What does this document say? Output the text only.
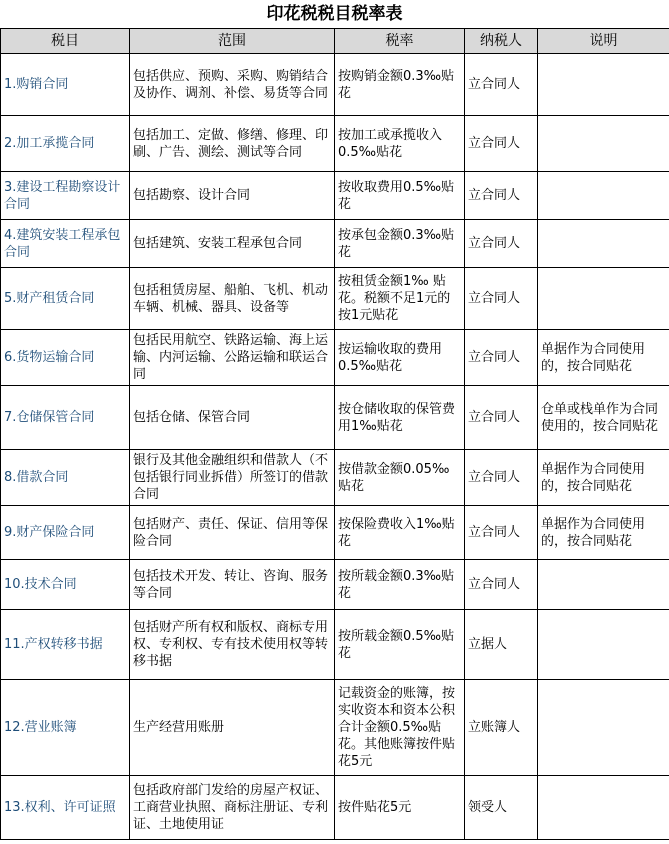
印花税税目税率表
税目	范围	税率	纳税人	说明
1.购销合同	包括供应、预购、采购、购销结合及协作、调剂、补偿、易货等合同	按购销金额0.3‰贴花	立合同人	
2.加工承揽合同	包括加工、定做、修缮、修理、印刷、广告、测绘、测试等合同	按加工或承揽收入0.5‰贴花	立合同人	
3.建设工程勘察设计合同	包括勘察、设计合同	按收取费用0.5‰贴花	立合同人	
4.建筑安装工程承包合同	包括建筑、安装工程承包合同	按承包金额0.3‰贴花	立合同人	
5.财产租赁合同	包括租赁房屋、船舶、飞机、机动车辆、机械、器具、设备等	按租赁金额1‰ 贴花。税额不足1元的按1元贴花	立合同人	
6.货物运输合同	包括民用航空、铁路运输、海上运输、内河运输、公路运输和联运合同	按运输收取的费用0.5‰贴花	立合同人	单据作为合同使用的，按合同贴花
7.仓储保管合同	包括仓储、保管合同	按仓储收取的保管费用1‰贴花	立合同人	仓单或栈单作为合同使用的，按合同贴花
8.借款合同	银行及其他金融组织和借款人（不包括银行同业拆借）所签订的借款合同	按借款金额0.05‰贴花	立合同人	单据作为合同使用的，按合同贴花
9.财产保险合同	包括财产、责任、保证、信用等保险合同	按保险费收入1‰贴花	立合同人	单据作为合同使用的，按合同贴花
10.技术合同	包括技术开发、转让、咨询、服务等合同	按所载金额0.3‰贴花	立合同人	
11.产权转移书据	包括财产所有权和版权、商标专用权、专利权、专有技术使用权等转移书据	按所载金额0.5‰贴花	立据人	
12.营业账簿	生产经营用账册	记载资金的账簿，按实收资本和资本公积合计金额0.5‰贴花。其他账簿按件贴花5元	立账簿人	
13.权利、许可证照	包括政府部门发给的房屋产权证、工商营业执照、商标注册证、专利证、土地使用证	按件贴花5元	领受人	
